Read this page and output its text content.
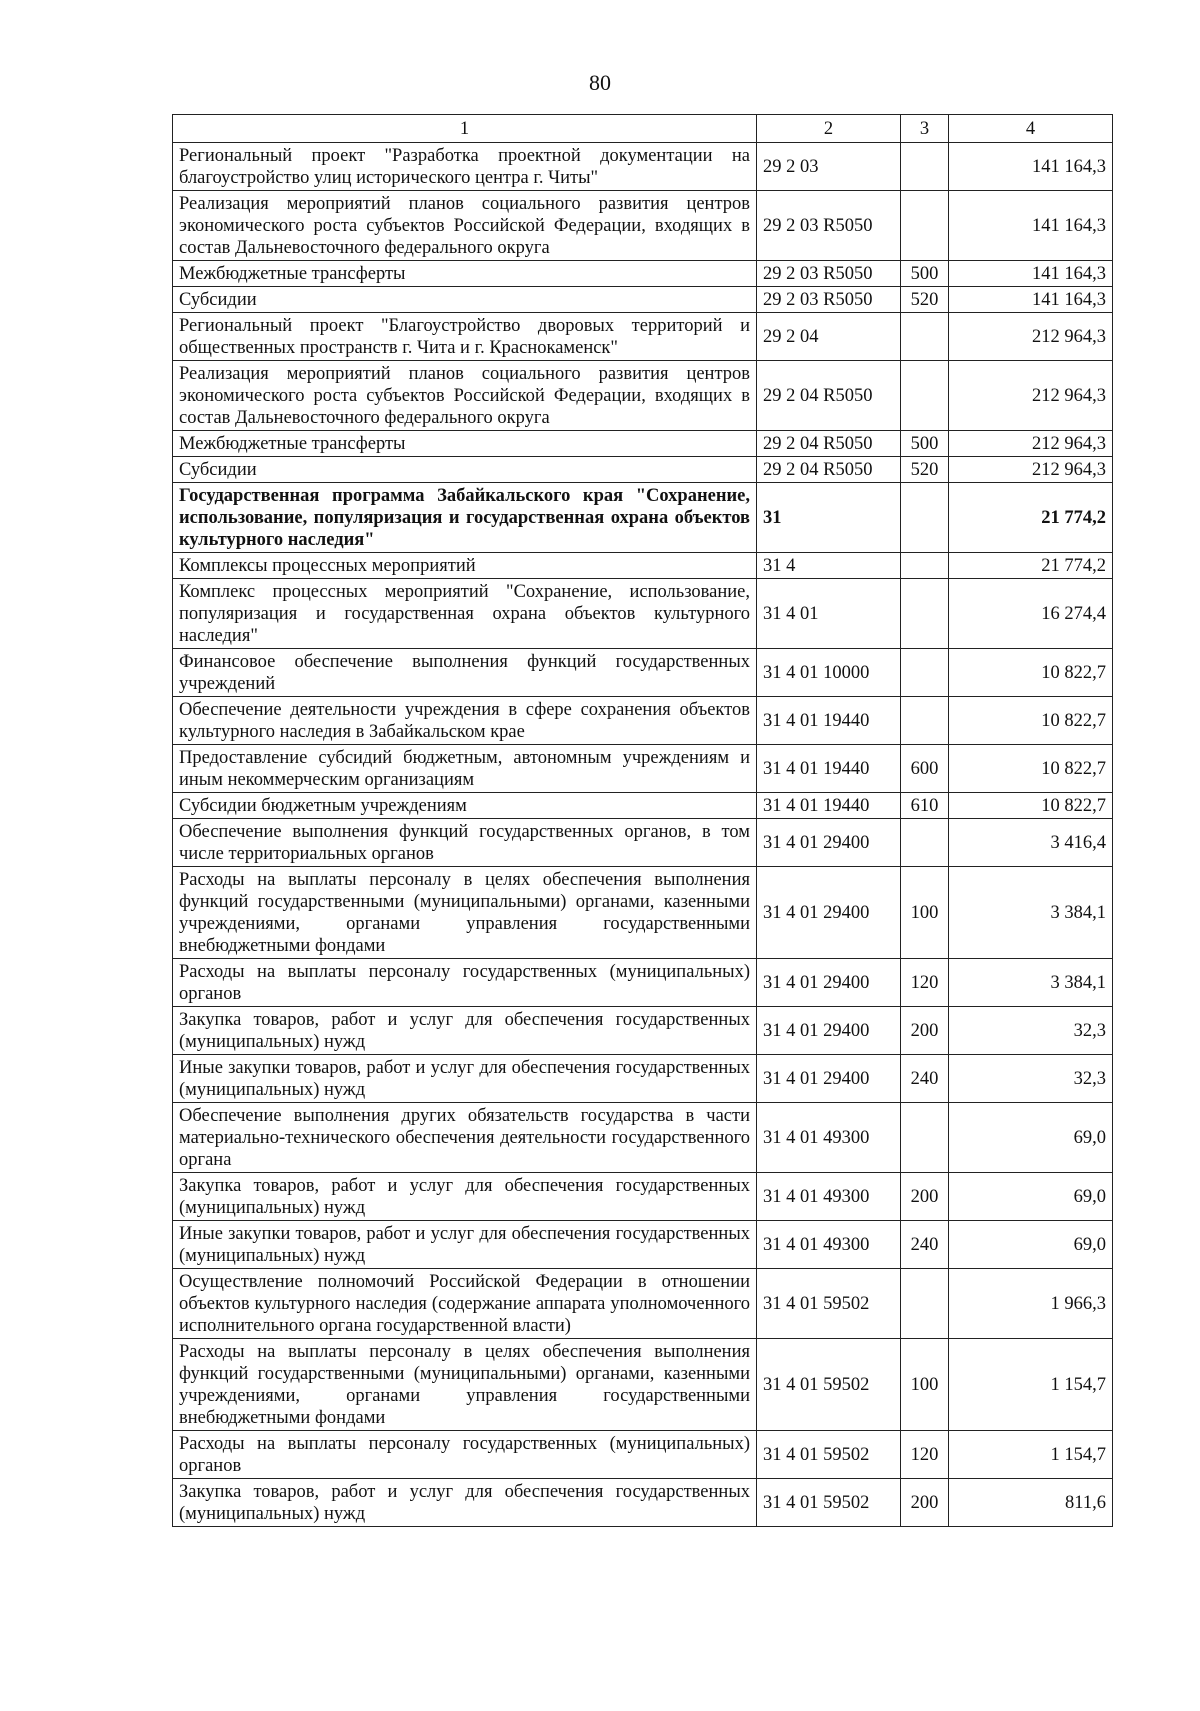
80
1	2	3	4
Региональный проект "Разработка проектной документации на благоустройство улиц исторического центра г. Читы"	29 2 03		141 164,3
Реализация мероприятий планов социального развития центров экономического роста субъектов Российской Федерации, входящих в состав Дальневосточного федерального округа	29 2 03 R5050		141 164,3
Межбюджетные трансферты	29 2 03 R5050	500	141 164,3
Субсидии	29 2 03 R5050	520	141 164,3
Региональный проект "Благоустройство дворовых территорий и общественных пространств г. Чита и г. Краснокаменск"	29 2 04		212 964,3
Реализация мероприятий планов социального развития центров экономического роста субъектов Российской Федерации, входящих в состав Дальневосточного федерального округа	29 2 04 R5050		212 964,3
Межбюджетные трансферты	29 2 04 R5050	500	212 964,3
Субсидии	29 2 04 R5050	520	212 964,3
Государственная программа Забайкальского края "Сохранение, использование, популяризация и государственная охрана объектов культурного наследия"	31		21 774,2
Комплексы процессных мероприятий	31 4		21 774,2
Комплекс процессных мероприятий "Сохранение, использование, популяризация и государственная охрана объектов культурного наследия"	31 4 01		16 274,4
Финансовое обеспечение выполнения функций государственных учреждений	31 4 01 10000		10 822,7
Обеспечение деятельности учреждения в сфере сохранения объектов культурного наследия в Забайкальском крае	31 4 01 19440		10 822,7
Предоставление субсидий бюджетным, автономным учреждениям и иным некоммерческим организациям	31 4 01 19440	600	10 822,7
Субсидии бюджетным учреждениям	31 4 01 19440	610	10 822,7
Обеспечение выполнения функций государственных органов, в том числе территориальных органов	31 4 01 29400		3 416,4
Расходы на выплаты персоналу в целях обеспечения выполнения функций государственными (муниципальными) органами, казенными учреждениями, органами управления государственными внебюджетными фондами	31 4 01 29400	100	3 384,1
Расходы на выплаты персоналу государственных (муниципальных) органов	31 4 01 29400	120	3 384,1
Закупка товаров, работ и услуг для обеспечения государственных (муниципальных) нужд	31 4 01 29400	200	32,3
Иные закупки товаров, работ и услуг для обеспечения государственных (муниципальных) нужд	31 4 01 29400	240	32,3
Обеспечение выполнения других обязательств государства в части материально-технического обеспечения деятельности государственного органа	31 4 01 49300		69,0
Закупка товаров, работ и услуг для обеспечения государственных (муниципальных) нужд	31 4 01 49300	200	69,0
Иные закупки товаров, работ и услуг для обеспечения государственных (муниципальных) нужд	31 4 01 49300	240	69,0
Осуществление полномочий Российской Федерации в отношении объектов культурного наследия (содержание аппарата уполномоченного исполнительного органа государственной власти)	31 4 01 59502		1 966,3
Расходы на выплаты персоналу в целях обеспечения выполнения функций государственными (муниципальными) органами, казенными учреждениями, органами управления государственными внебюджетными фондами	31 4 01 59502	100	1 154,7
Расходы на выплаты персоналу государственных (муниципальных) органов	31 4 01 59502	120	1 154,7
Закупка товаров, работ и услуг для обеспечения государственных (муниципальных) нужд	31 4 01 59502	200	811,6
